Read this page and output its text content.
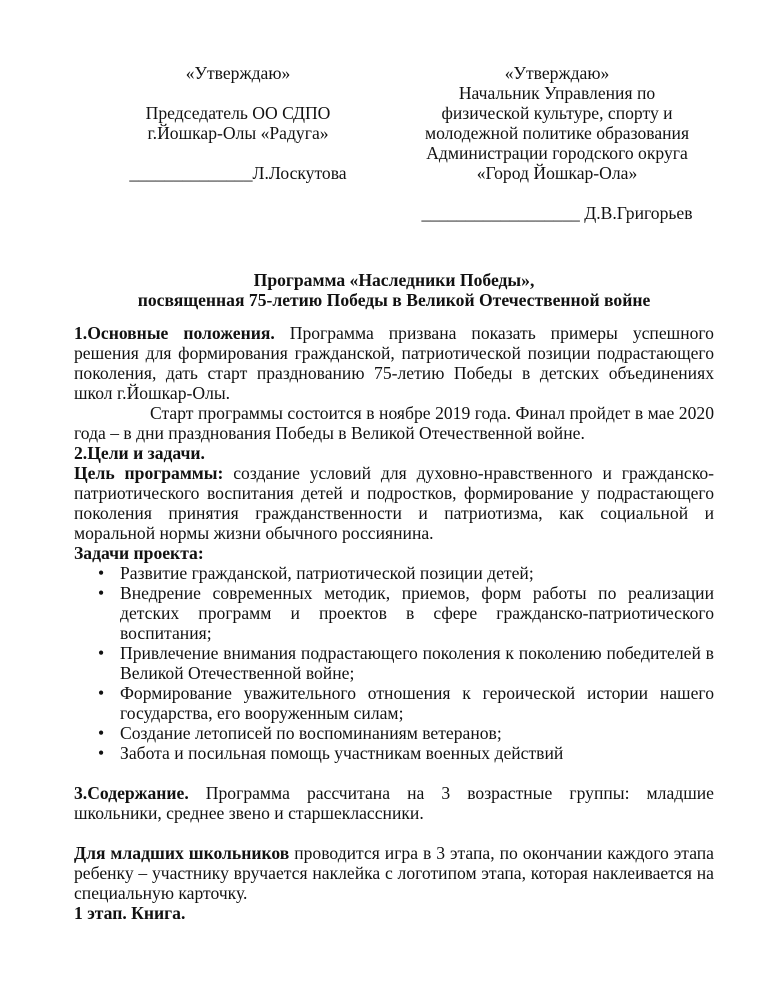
«Утверждаю»
Председатель ОО СДПО
г.Йошкар-Олы «Радуга»
______________Л.Лоскутова
«Утверждаю»
Начальник Управления по
физической культуре, спорту и
молодежной политике образования
Администрации городского округа
«Город Йошкар-Ола»
__________________ Д.В.Григорьев
Программа «Наследники Победы»,
посвященная 75-летию Победы в Великой Отечественной войне

1.Основные положения. Программа призвана показать примеры успешного решения для формирования гражданской, патриотической позиции подрастающего поколения, дать старт празднованию 75-летию Победы в детских объединениях школ г.Йошкар-Олы.

Старт программы состоится в ноябре 2019 года. Финал пройдет в мае 2020 года – в дни празднования Победы в Великой Отечественной войне.

2.Цели и задачи.

Цель программы: создание условий для духовно-нравственного и гражданско-патриотического воспитания детей и подростков, формирование у подрастающего поколения принятия гражданственности и патриотизма, как социальной и моральной нормы жизни обычного россиянина.

Задачи проекта:

• Развитие гражданской, патриотической позиции детей;
• Внедрение современных методик, приемов, форм работы по реализации детских программ и проектов в сфере гражданско-патриотического воспитания;
• Привлечение внимания подрастающего поколения к поколению победителей в Великой Отечественной войне;
• Формирование уважительного отношения к героической истории нашего государства, его вооруженным силам;
• Создание летописей по воспоминаниям ветеранов;
• Забота и посильная помощь участникам военных действий

3.Содержание. Программа рассчитана на 3 возрастные группы: младшие школьники, среднее звено и старшеклассники.

Для младших школьников проводится игра в 3 этапа, по окончании каждого этапа ребенку – участнику вручается наклейка с логотипом этапа, которая наклеивается на специальную карточку.

1 этап. Книга.
